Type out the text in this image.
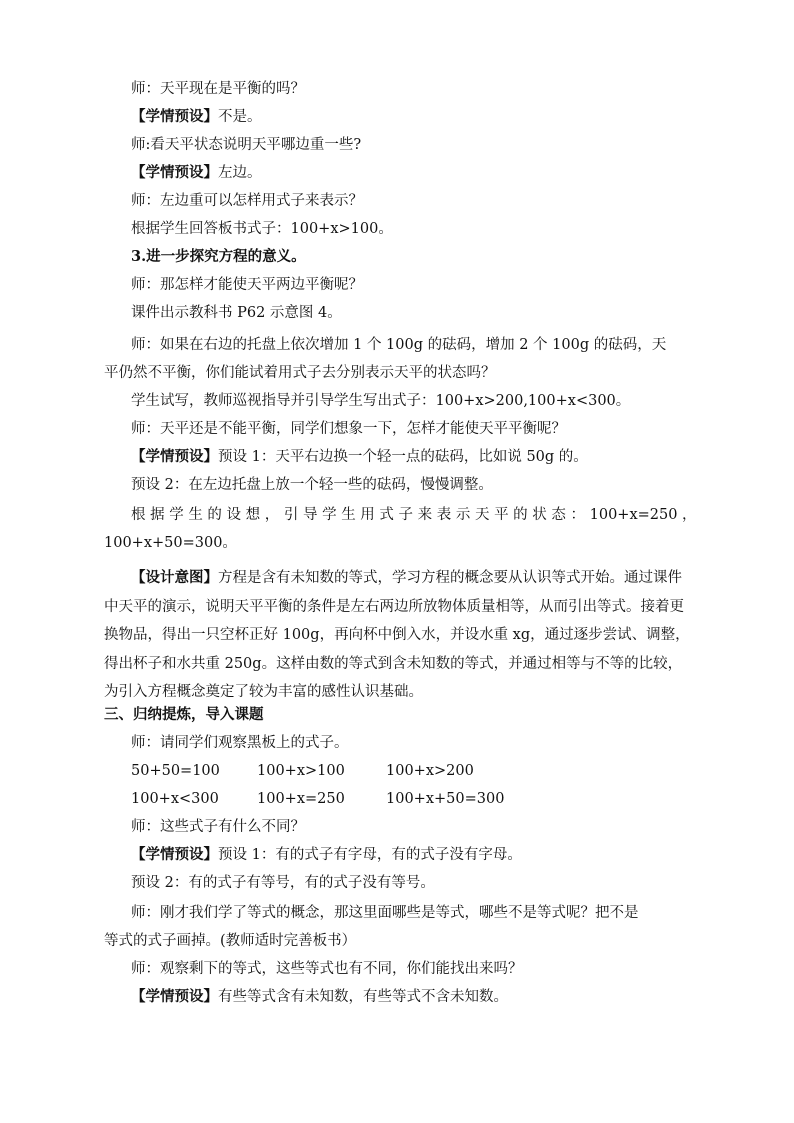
师：天平现在是平衡的吗？
【学情预设】不是。
师:看天平状态说明天平哪边重一些?
【学情预设】左边。
师：左边重可以怎样用式子来表示？
根据学生回答板书式子：100+x>100。
3.进一步探究方程的意义。
师：那怎样才能使天平两边平衡呢？
课件出示教科书 P62 示意图 4。
师：如果在右边的托盘上依次增加 1 个 100g 的砝码，增加 2 个 100g 的砝码，天
平仍然不平衡，你们能试着用式子去分别表示天平的状态吗？
学生试写，教师巡视指导并引导学生写出式子：100+x>200,100+x<300。
师：天平还是不能平衡，同学们想象一下，怎样才能使天平平衡呢？
【学情预设】预设 1：天平右边换一个轻一点的砝码，比如说 50g 的。
预设 2：在左边托盘上放一个轻一些的砝码，慢慢调整。
根 据 学 生 的 设 想 ， 引 导 学 生 用 式 子 来 表 示 天 平 的 状 态 ： 100+x=250 ，
100+x+50=300。
【设计意图】方程是含有未知数的等式，学习方程的概念要从认识等式开始。通过课件中天平的演示，说明天平平衡的条件是左右两边所放物体质量相等，从而引出等式。接着更换物品，得出一只空杯正好 100g，再向杯中倒入水，并设水重 xg，通过逐步尝试、调整，得出杯子和水共重 250g。这样由数的等式到含未知数的等式，并通过相等与不等的比较，为引入方程概念奠定了较为丰富的感性认识基础。
三、归纳提炼，导入课题
师：请同学们观察黑板上的式子。
50+50=100	100+x>100	100+x>200
100+x<300	100+x=250	100+x+50=300
师：这些式子有什么不同？
【学情预设】预设 1：有的式子有字母，有的式子没有字母。
预设 2：有的式子有等号，有的式子没有等号。
师：刚才我们学了等式的概念，那这里面哪些是等式，哪些不是等式呢？把不是
等式的式子画掉。(教师适时完善板书）
师：观察剩下的等式，这些等式也有不同，你们能找出来吗？
【学情预设】有些等式含有未知数，有些等式不含未知数。
